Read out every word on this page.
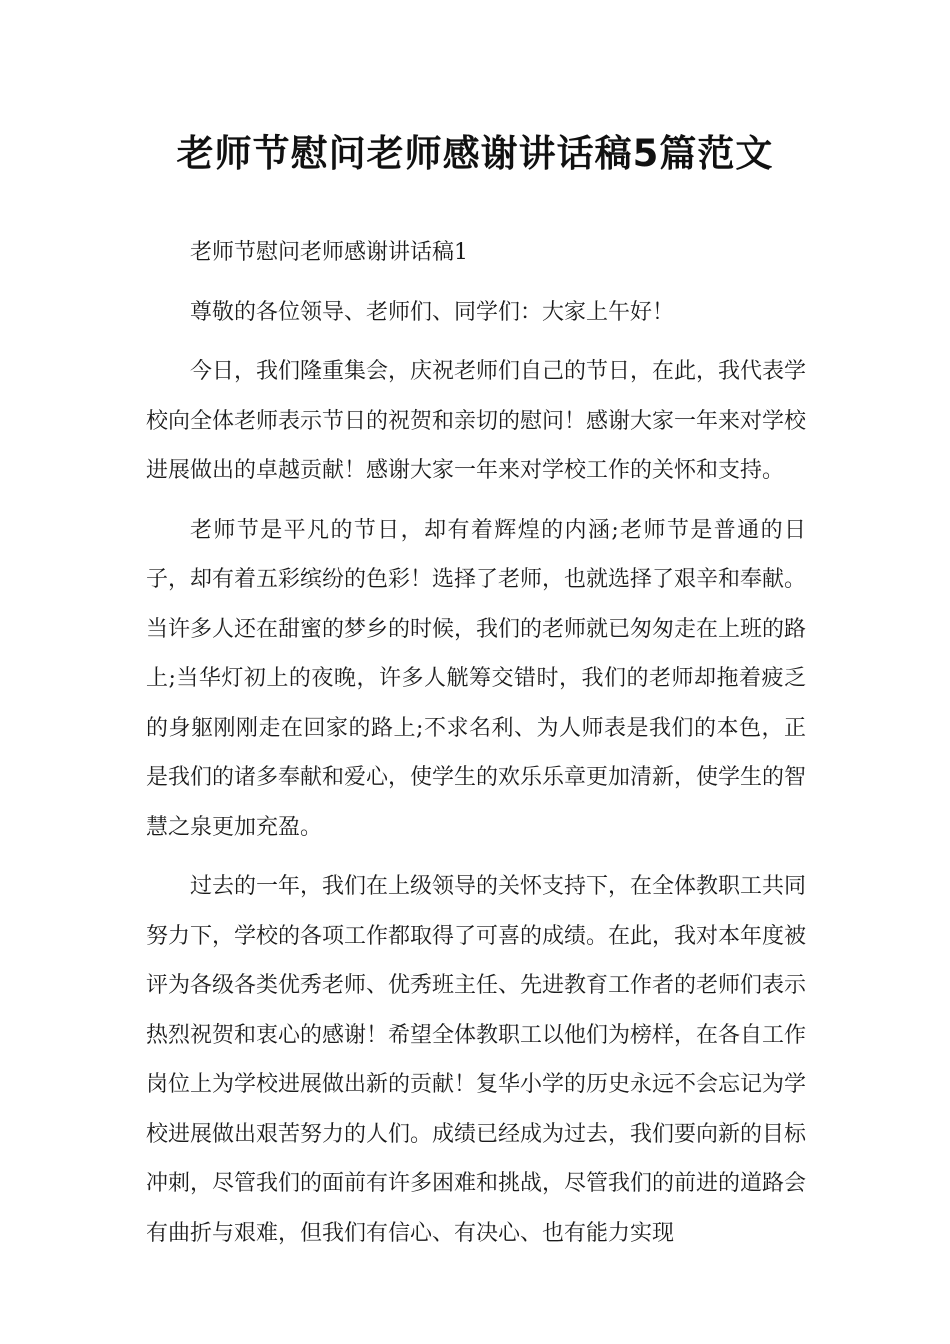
老师节慰问老师感谢讲话稿5篇范文

老师节慰问老师感谢讲话稿1

尊敬的各位领导、老师们、同学们：大家上午好！

今日，我们隆重集会，庆祝老师们自己的节日，在此，我代表学校向全体老师表示节日的祝贺和亲切的慰问！感谢大家一年来对学校进展做出的卓越贡献！感谢大家一年来对学校工作的关怀和支持。

老师节是平凡的节日，却有着辉煌的内涵;老师节是普通的日子，却有着五彩缤纷的色彩！选择了老师，也就选择了艰辛和奉献。当许多人还在甜蜜的梦乡的时候，我们的老师就已匆匆走在上班的路上;当华灯初上的夜晚，许多人觥筹交错时，我们的老师却拖着疲乏的身躯刚刚走在回家的路上;不求名利、为人师表是我们的本色，正是我们的诸多奉献和爱心，使学生的欢乐乐章更加清新，使学生的智慧之泉更加充盈。

过去的一年，我们在上级领导的关怀支持下，在全体教职工共同努力下，学校的各项工作都取得了可喜的成绩。在此，我对本年度被评为各级各类优秀老师、优秀班主任、先进教育工作者的老师们表示热烈祝贺和衷心的感谢！希望全体教职工以他们为榜样，在各自工作岗位上为学校进展做出新的贡献！复华小学的历史永远不会忘记为学校进展做出艰苦努力的人们。成绩已经成为过去，我们要向新的目标冲刺，尽管我们的面前有许多困难和挑战，尽管我们的前进的道路会有曲折与艰难，但我们有信心、有决心、也有能力实现
